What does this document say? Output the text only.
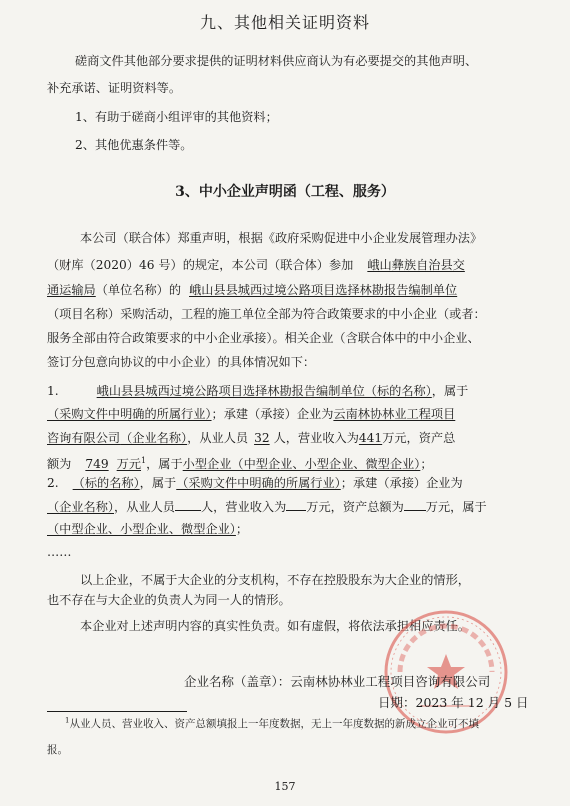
九、其他相关证明资料
磋商文件其他部分要求提供的证明材料供应商认为有必要提交的其他声明、
补充承诺、证明资料等。
1、有助于磋商小组评审的其他资料；
2、其他优惠条件等。
3、中小企业声明函（工程、服务）
本公司（联合体）郑重声明，根据《政府采购促进中小企业发展管理办法》
（财库（2020）46 号）的规定，本公司（联合体）参加 峨山彝族自治县交
通运输局（单位名称）的 峨山县县城西过境公路项目选择林勘报告编制单位
（项目名称）采购活动，工程的施工单位全部为符合政策要求的中小企业（或者：
服务全部由符合政策要求的中小企业承接）。相关企业（含联合体中的中小企业、
签订分包意向协议的中小企业）的具体情况如下：
1.	峨山县县城西过境公路项目选择林勘报告编制单位（标的名称），属于
（采购文件中明确的所属行业）；承建（承接）企业为云南林协林业工程项目
咨询有限公司（企业名称），从业人员 32 人，营业收入为441万元，资产总
额为 749 万元$^1$，属于小型企业（中型企业、小型企业、微型企业）；
2. （标的名称），属于（采购文件中明确的所属行业）；承建（承接）企业为
（企业名称），从业人员 人，营业收入为 万元，资产总额为 万元，属于
（中型企业、小型企业、微型企业）；
……
以上企业，不属于大企业的分支机构，不存在控股股东为大企业的情形，
也不存在与大企业的负责人为同一人的情形。
本企业对上述声明内容的真实性负责。如有虚假，将依法承担相应责任。
企业名称（盖章）：云南林协林业工程项目咨询有限公司
日期：2023 年 12 月 5 日
$^1$从业人员、营业收入、资产总额填报上一年度数据，无上一年度数据的新成立企业可不填
报。
157
